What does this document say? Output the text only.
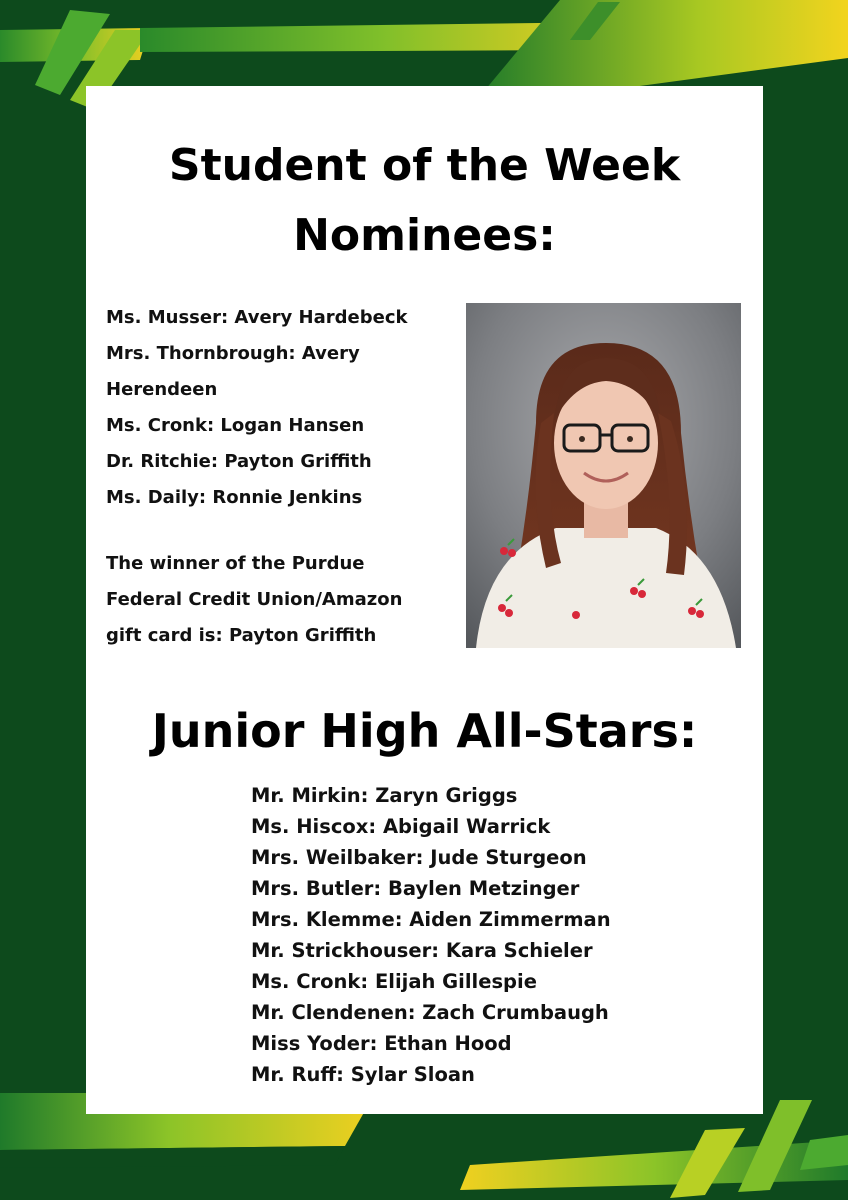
Student of the Week
Nominees:
Ms. Musser: Avery Hardebeck
Mrs. Thornbrough: Avery
Herendeen
Ms. Cronk: Logan Hansen
Dr. Ritchie: Payton Griffith
Ms. Daily: Ronnie Jenkins
The winner of the Purdue
Federal Credit Union/Amazon
gift card is: Payton Griffith
Junior High All-Stars:
Mr. Mirkin: Zaryn Griggs
Ms. Hiscox: Abigail Warrick
Mrs. Weilbaker: Jude Sturgeon
Mrs. Butler: Baylen Metzinger
Mrs. Klemme: Aiden Zimmerman
Mr. Strickhouser: Kara Schieler
Ms. Cronk: Elijah Gillespie
Mr. Clendenen: Zach Crumbaugh
Miss Yoder: Ethan Hood
Mr. Ruff: Sylar Sloan
